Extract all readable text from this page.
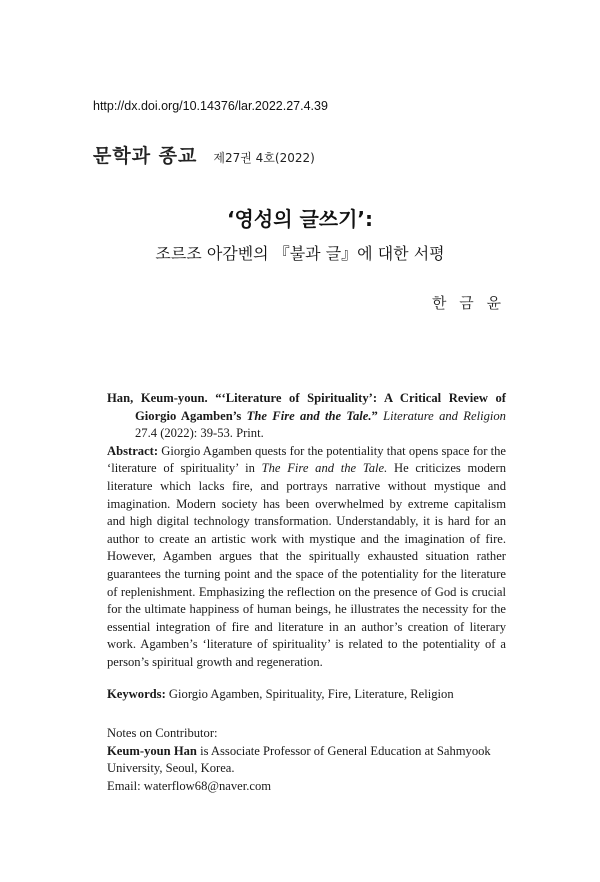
http://dx.doi.org/10.14376/lar.2022.27.4.39
문학과 종교 제27권 4호(2022)
‘영성의 글쓰기’:
조르조 아감벤의 『불과 글』에 대한 서평
한 금 윤

Han, Keum-youn. “‘Literature of Spirituality’: A Critical Review of Giorgio Agamben’s The Fire and the Tale.” Literature and Religion 27.4 (2022): 39-53. Print.

Abstract: Giorgio Agamben quests for the potentiality that opens space for the ‘literature of spirituality’ in The Fire and the Tale. He criticizes modern literature which lacks fire, and portrays narrative without mystique and imagination. Modern society has been overwhelmed by extreme capitalism and high digital technology transformation. Understandably, it is hard for an author to create an artistic work with mystique and the imagination of fire. However, Agamben argues that the spiritually exhausted situation rather guarantees the turning point and the space of the potentiality for the literature of replenishment. Emphasizing the reflection on the presence of God is crucial for the ultimate happiness of human beings, he illustrates the necessity for the essential integration of fire and literature in an author’s creation of literary work. Agamben’s ‘literature of spirituality’ is related to the potentiality of a person’s spiritual growth and regeneration.

Keywords: Giorgio Agamben, Spirituality, Fire, Literature, Religion

Notes on Contributor:

Keum-youn Han is Associate Professor of General Education at Sahmyook University, Seoul, Korea.

Email: waterflow68@naver.com
